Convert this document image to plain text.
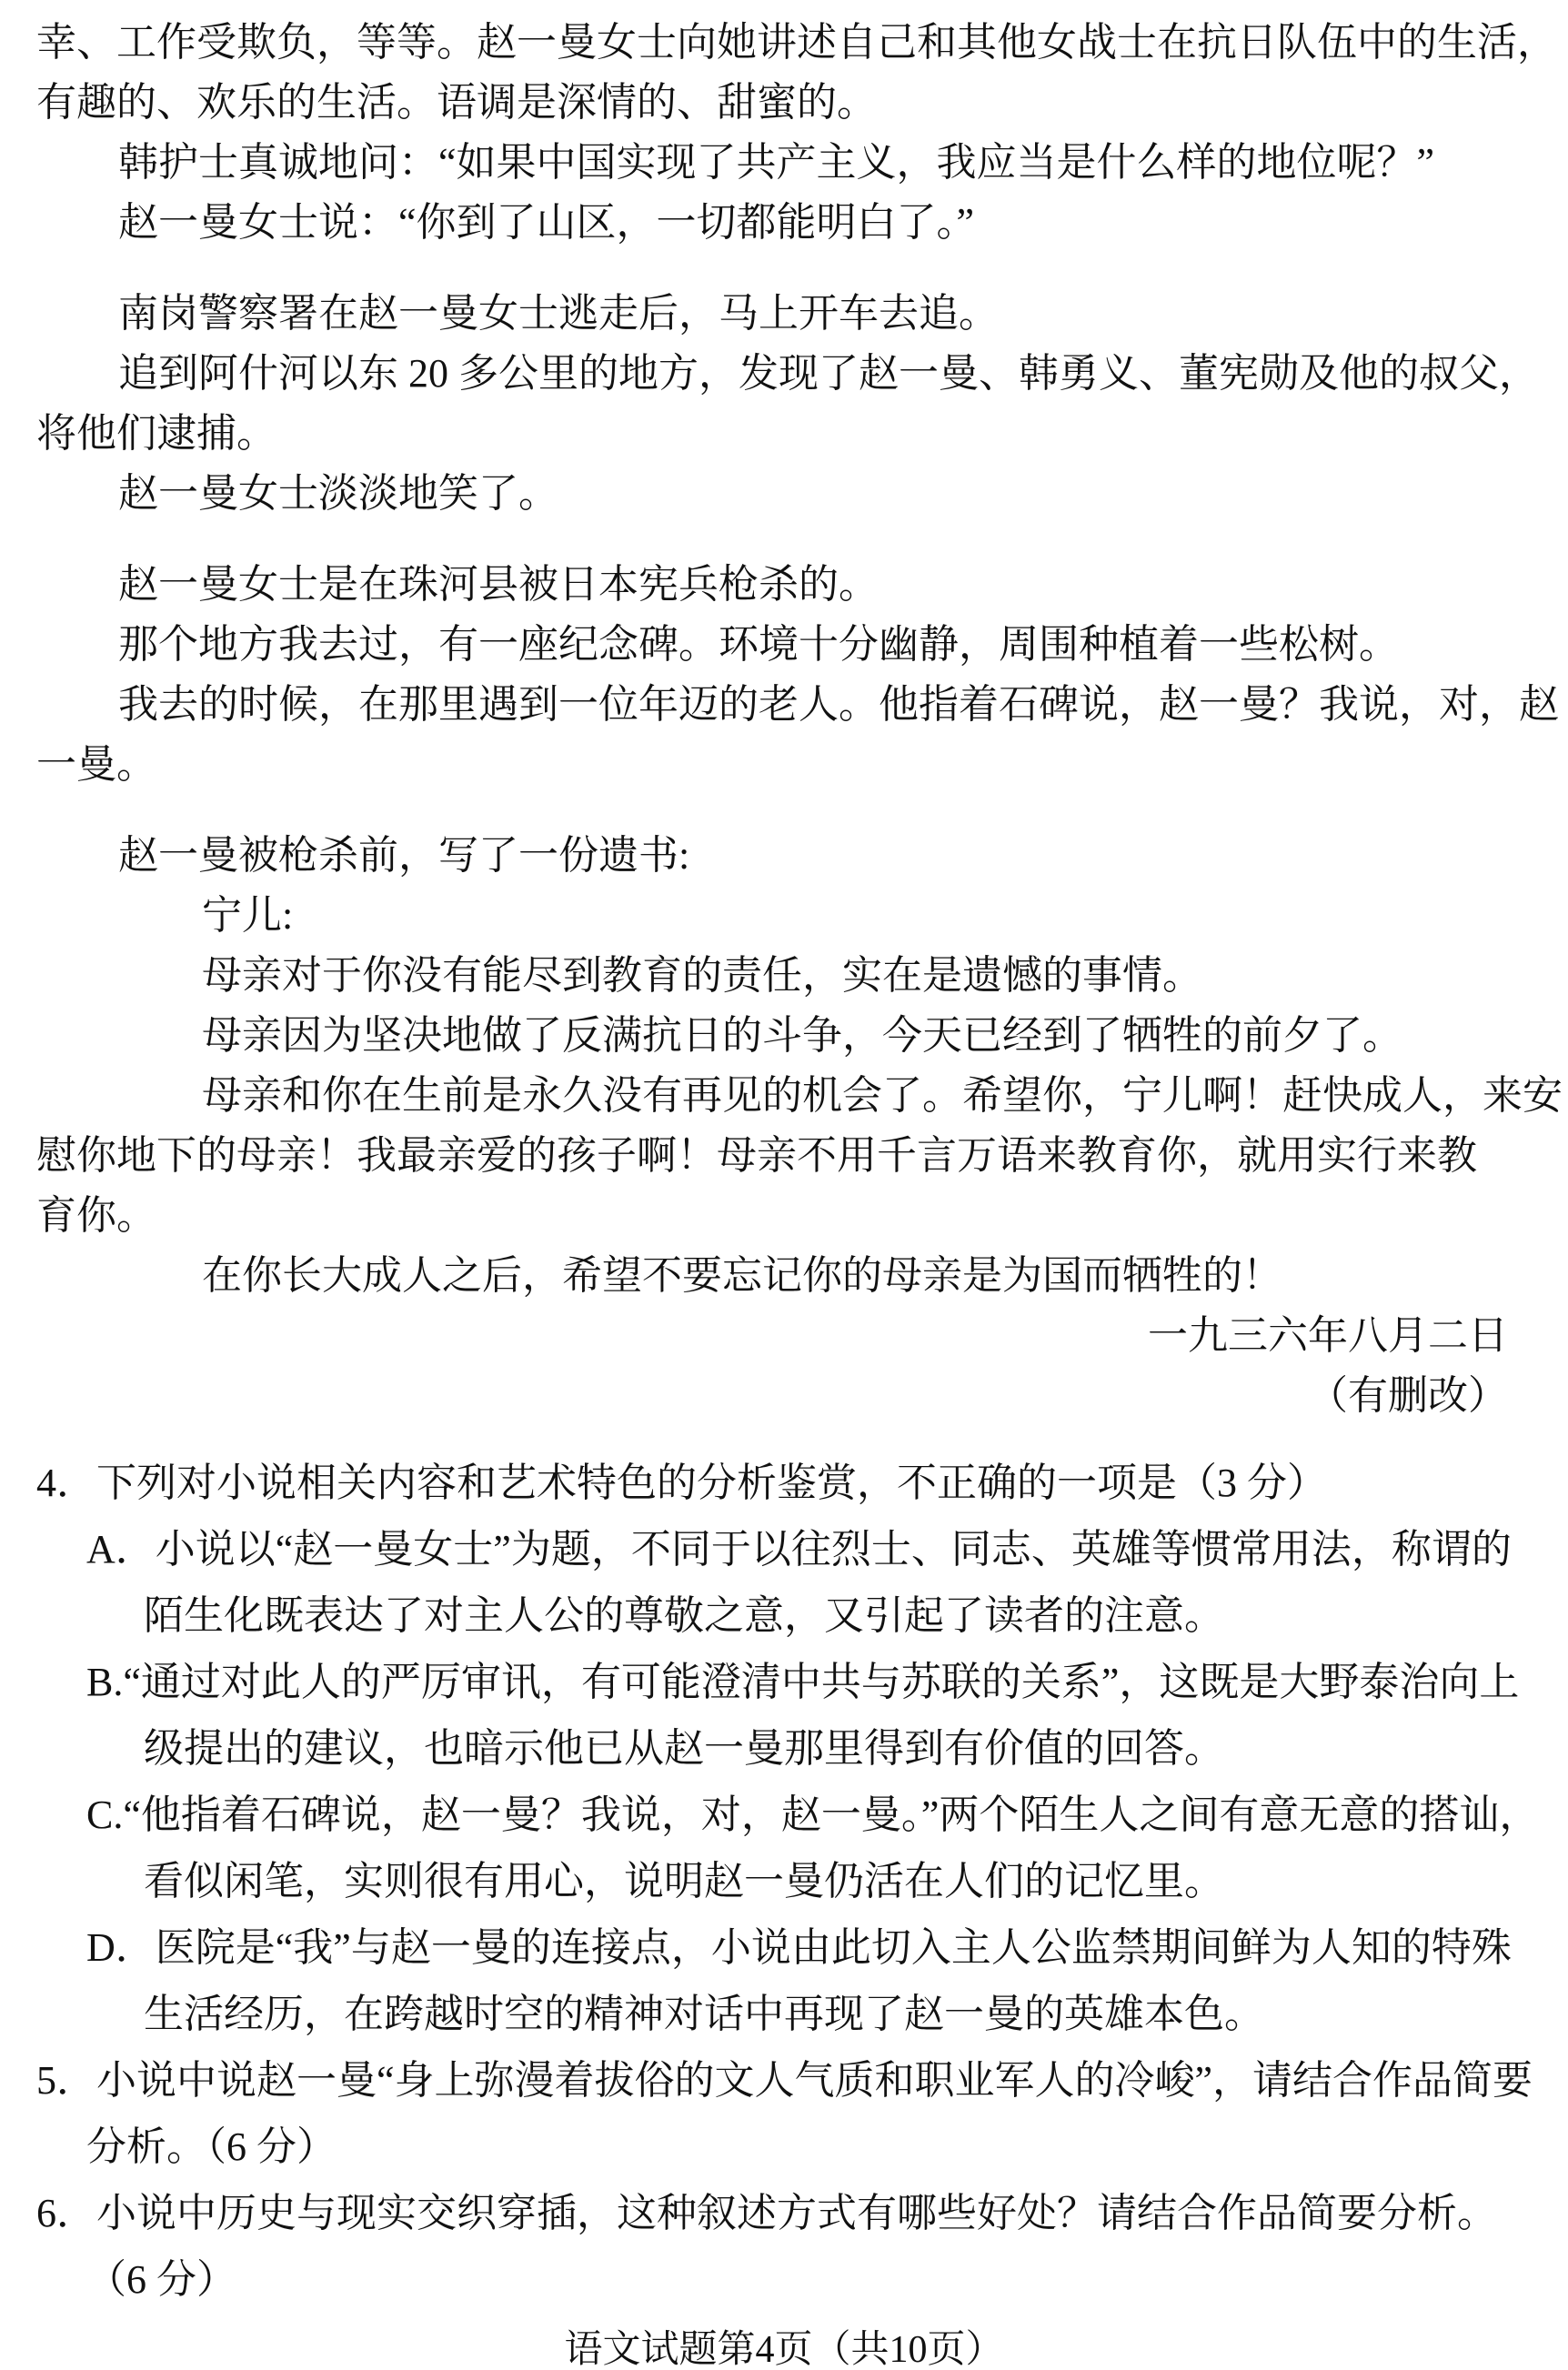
幸、工作受欺负，等等。赵一曼女士向她讲述自己和其他女战士在抗日队伍中的生活，
有趣的、欢乐的生活。语调是深情的、甜蜜的。
韩护士真诚地问：“如果中国实现了共产主义，我应当是什么样的地位呢？”
赵一曼女士说：“你到了山区，一切都能明白了。”
南岗警察署在赵一曼女士逃走后，马上开车去追。
追到阿什河以东 20 多公里的地方，发现了赵一曼、韩勇义、董宪勋及他的叔父，
将他们逮捕。
赵一曼女士淡淡地笑了。
赵一曼女士是在珠河县被日本宪兵枪杀的。
那个地方我去过，有一座纪念碑。环境十分幽静，周围种植着一些松树。
我去的时候，在那里遇到一位年迈的老人。他指着石碑说，赵一曼？我说，对，赵
一曼。
赵一曼被枪杀前，写了一份遗书:
宁儿:
母亲对于你没有能尽到教育的责任，实在是遗憾的事情。
母亲因为坚决地做了反满抗日的斗争，今天已经到了牺牲的前夕了。
母亲和你在生前是永久没有再见的机会了。希望你，宁儿啊！赶快成人，来安
慰你地下的母亲！我最亲爱的孩子啊！母亲不用千言万语来教育你，就用实行来教
育你。
在你长大成人之后，希望不要忘记你的母亲是为国而牺牲的！
一九三六年八月二日
（有删改）
4．下列对小说相关内容和艺术特色的分析鉴赏，不正确的一项是（3 分）
A．小说以“赵一曼女士”为题，不同于以往烈士、同志、英雄等惯常用法，称谓的
陌生化既表达了对主人公的尊敬之意，又引起了读者的注意。
B.“通过对此人的严厉审讯，有可能澄清中共与苏联的关系”，这既是大野泰治向上
级提出的建议，也暗示他已从赵一曼那里得到有价值的回答。
C.“他指着石碑说，赵一曼？我说，对，赵一曼。”两个陌生人之间有意无意的搭讪，
看似闲笔，实则很有用心，说明赵一曼仍活在人们的记忆里。
D．医院是“我”与赵一曼的连接点，小说由此切入主人公监禁期间鲜为人知的特殊
生活经历，在跨越时空的精神对话中再现了赵一曼的英雄本色。
5．小说中说赵一曼“身上弥漫着拔俗的文人气质和职业军人的冷峻”，请结合作品简要
分析。（6 分）
6．小说中历史与现实交织穿插，这种叙述方式有哪些好处？请结合作品简要分析。
（6 分）
语文试题第4页（共10页）
